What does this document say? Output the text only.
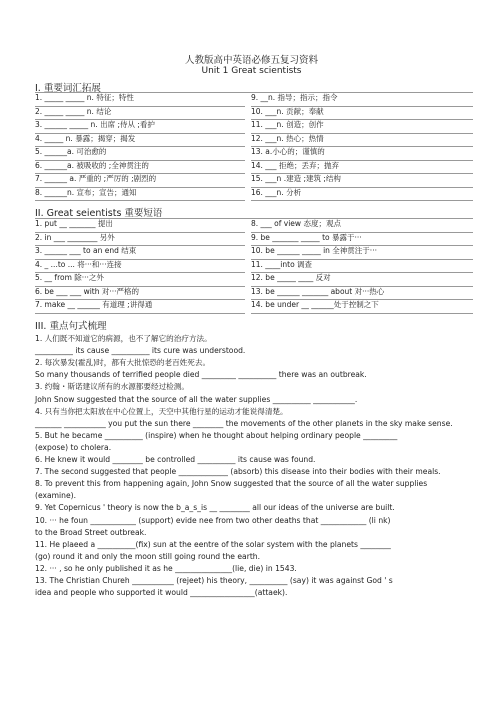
人教版高中英语必修五复习资料
Unit 1 Great scientists
I. 重要词汇拓展
1. _____ _____ n. 特征；特性	9. __n. 指导；指示；指令
2. _____ _____ n. 结论	10. ___n. 贡献；奉献
3. ______ _____ n. 出席 ;侍从 ;看护	11. ___n. 创造；创作
4. _____ n. 暴露；揭穿；揭发	12. ___n. 热心；热情
5. ______a. 可治愈的	13. a.小心的；谨慎的
6. ______a. 被吸收的 ;全神贯注的	14. ___ 拒绝；丢弃；抛弃
7. ______ a. 严重的 ;严厉的 ;剧烈的	15. ___n .建造 ;建筑 ;结构
8. ______n. 宣布；宣告；通知	16. ___n. 分析
II. Great seientists 重要短语
1. put __ _______ 提出	8. ___ of view 态度；观点
2. in ___ ________ 另外	9. be _______ _____ to 暴露于···
3. ______ ___ to an end 结束	10. be ______ _____ in 全神贯注于···
4. _ ...to ... 将···和···连接	11. ____into 调查
5. __ from 除···之外	12. be _____ ____ 反对
6. be ___ ___ with 对···严格的	13. be ______ _______ about 对···热心
7. make __ ______ 有道理 ;讲得通	14. be under __ ______处于控制之下
III. 重点句式梳理
1. 人们既不知道它的病源，也不了解它的治疗方法。
__________ its cause __________ its cure was understood.
2. 每次暴发(霍乱)时，都有大批惊恐的老百姓死去。
So many thousands of terrified people died _________ __________ there was an outbreak.
3. 约翰・斯诺建议所有的水源都要经过检测。
John Snow suggested that the source of all the water supplies __________ ___________.
4. 只有当你把太阳放在中心位置上，天空中其他行星的运动才能说得清楚。
_______ ___________ you put the sun there ________ the movements of the other planets in the sky make sense.
5. But he became __________ (inspire) when he thought about helping ordinary people _________
(expose) to cholera.
6. He knew it would ________ be controlled __________ its cause was found.
7. The second suggested that people _____________ (absorb) this disease into their bodies with their meals.
8. To prevent this from happening again, John Snow suggested that the source of all the water supplies
(examine).
9. Yet Copernicus ' theory is now the b_a_s_is __ ________ all our ideas of the universe are built.
10. ··· he foun ____________ (support) evide nee from two other deaths that ____________ (li nk)
to the Broad Street outbreak.
11. He plaeed a __________(fix) sun at the eentre of the solar system with the planets ________
(go) round it and only the moon still going round the earth.
12. ··· , so he only published it as he _______________(lie, die) in 1543.
13. The Christian Chureh ___________ (rejeet) his theory, __________ (say) it was against God ' s
idea and people who supported it would _________________(attaek).
